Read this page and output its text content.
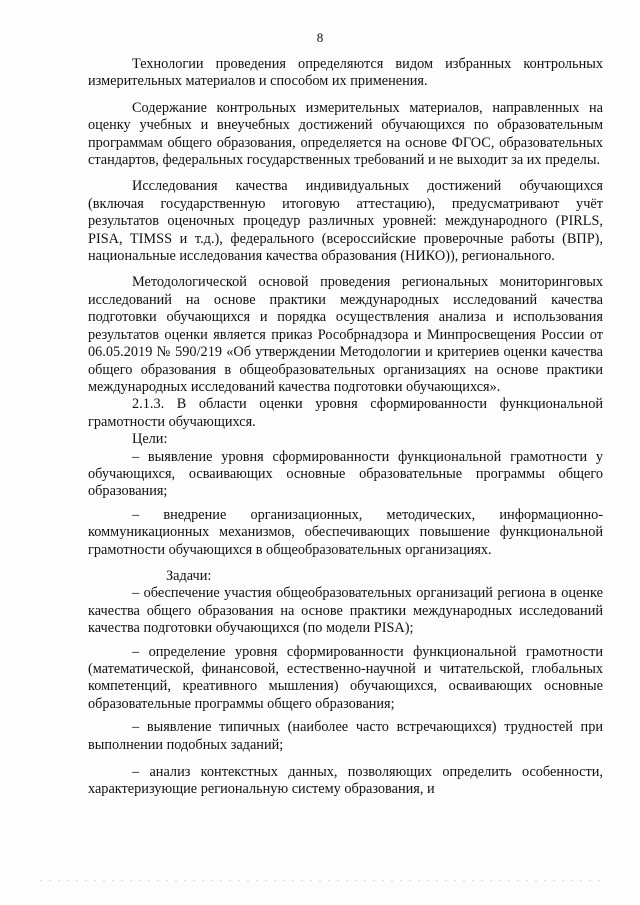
8

Технологии проведения определяются видом избранных контрольных измерительных материалов и способом их применения.

Содержание контрольных измерительных материалов, направленных на оценку учебных и внеучебных достижений обучающихся по образовательным программам общего образования, определяется на основе ФГОС, образовательных стандартов, федеральных государственных требований и не выходит за их пределы.

Исследования качества индивидуальных достижений обучающихся (включая государственную итоговую аттестацию), предусматривают учёт результатов оценочных процедур различных уровней: международного (PIRLS, PISA, TIMSS и т.д.), федерального (всероссийские проверочные работы (ВПР), национальные исследования качества образования (НИКО)), регионального.

Методологической основой проведения региональных мониторинговых исследований на основе практики международных исследований качества подготовки обучающихся и порядка осуществления анализа и использования результатов оценки является приказ Рособрнадзора и Минпросвещения России от 06.05.2019 № 590/219 «Об утверждении Методологии и критериев оценки качества общего образования в общеобразовательных организациях на основе практики международных исследований качества подготовки обучающихся».

2.1.3. В области оценки уровня сформированности функциональной грамотности обучающихся.

Цели:

– выявление уровня сформированности функциональной грамотности у обучающихся, осваивающих основные образовательные программы общего образования;

– внедрение организационных, методических, информационно-коммуникационных механизмов, обеспечивающих повышение функциональной грамотности обучающихся в общеобразовательных организациях.

Задачи:

– обеспечение участия общеобразовательных организаций региона в оценке качества общего образования на основе практики международных исследований качества подготовки обучающихся (по модели PISA);

– определение уровня сформированности функциональной грамотности (математической, финансовой, естественно-научной и читательской, глобальных компетенций, креативного мышления) обучающихся, осваивающих основные образовательные программы общего образования;

– выявление типичных (наиболее часто встречающихся) трудностей при выполнении подобных заданий;

– анализ контекстных данных, позволяющих определить особенности, характеризующие региональную систему образования, и
